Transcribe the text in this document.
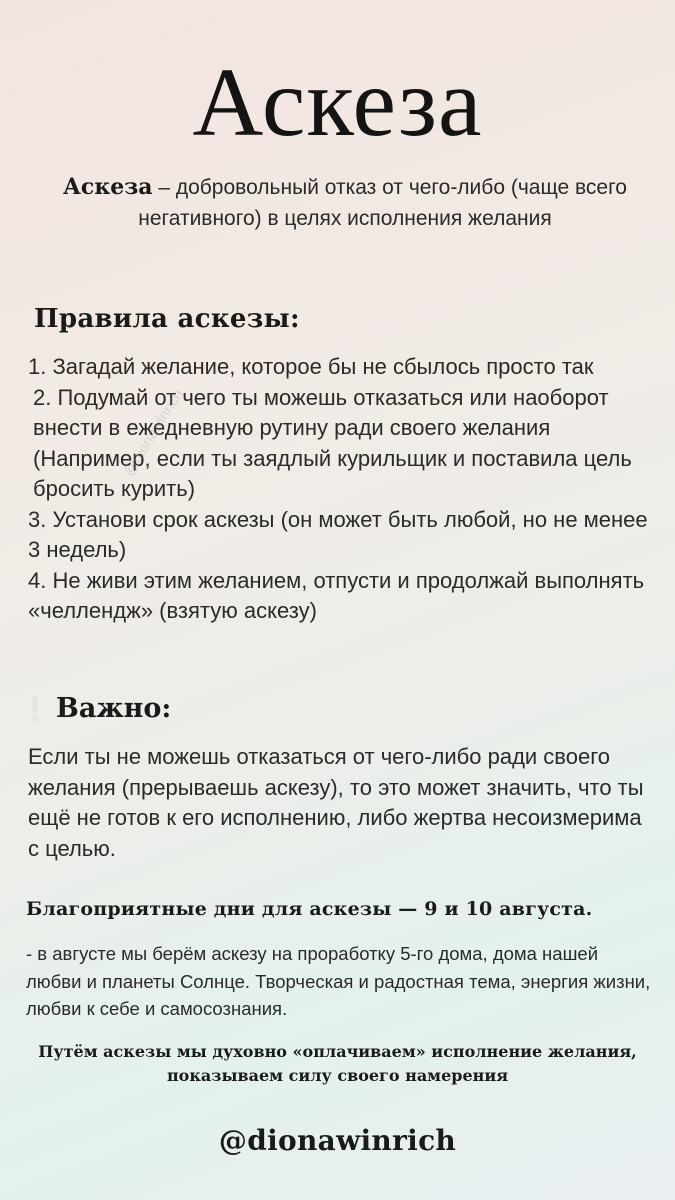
Аскеза
Аскеза – добровольный отказ от чего-либо (чаще всего негативного) в целях исполнения желания
Правила аскезы:

1. Загадай желание, которое бы не сбылось просто так

2. Подумай от чего ты можешь отказаться или наоборот внести в ежедневную рутину ради своего желания (Например, если ты заядлый курильщик и поставила цель бросить курить)

3. Установи срок аскезы (он может быть любой, но не менее 3 недель)

4. Не живи этим желанием, отпусти и продолжай выполнять «челлендж» (взятую аскезу)

Важно:
Если ты не можешь отказаться от чего-либо ради своего желания (прерываешь аскезу), то это может значить, что ты ещё не готов к его исполнению, либо жертва несоизмерима с целью.
Благоприятные дни для аскезы — 9 и 10 августа.
- в августе мы берём аскезу на проработку 5-го дома, дома нашей любви и планеты Солнце. Творческая и радостная тема, энергия жизни, любви к себе и самосознания.
Путём аскезы мы духовно «оплачиваем» исполнение желания, показываем силу своего намерения
@dionawinrich
@dionawinrich
